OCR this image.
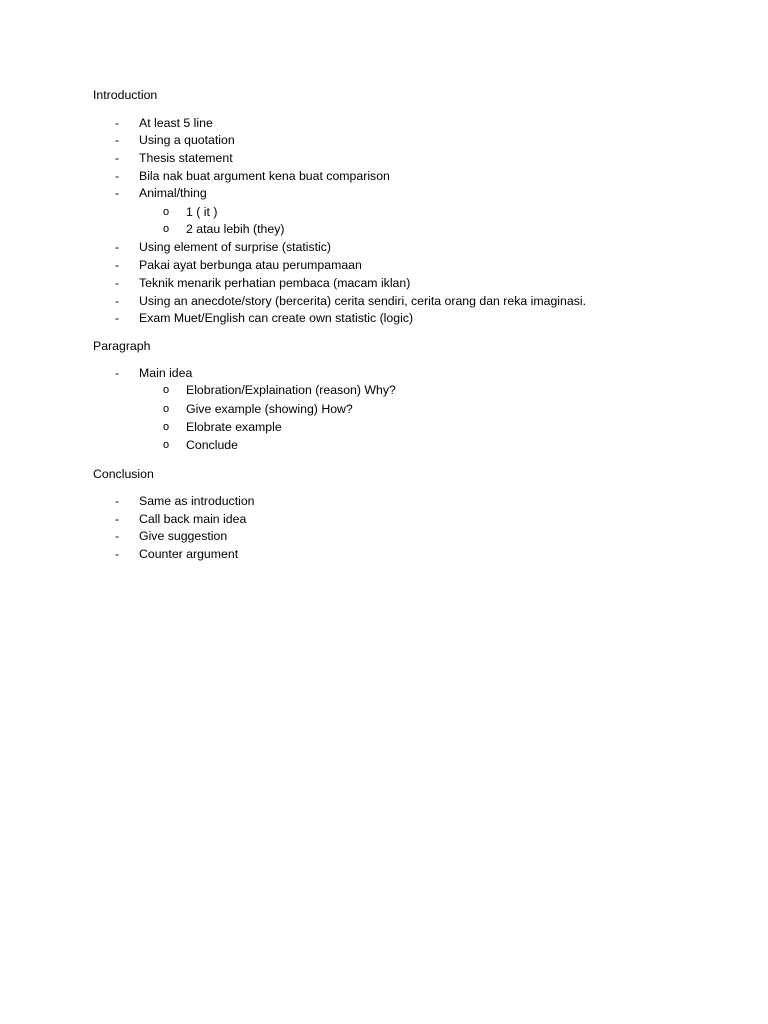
Introduction
-	At least 5 line
-	Using a quotation
-	Thesis statement
-	Bila nak buat argument kena buat comparison
-	Animal/thing
o	1 ( it )
o	2 atau lebih (they)
-	Using element of surprise (statistic)
-	Pakai ayat berbunga atau perumpamaan
-	Teknik menarik perhatian pembaca (macam iklan)
-	Using an anecdote/story (bercerita) cerita sendiri, cerita orang dan reka imaginasi.
-	Exam Muet/English can create own statistic (logic)
Paragraph
-	Main idea
o	Elobration/Explaination (reason) Why?
o	Give example (showing) How?
o	Elobrate example
o	Conclude
Conclusion
-	Same as introduction
-	Call back main idea
-	Give suggestion
-	Counter argument
